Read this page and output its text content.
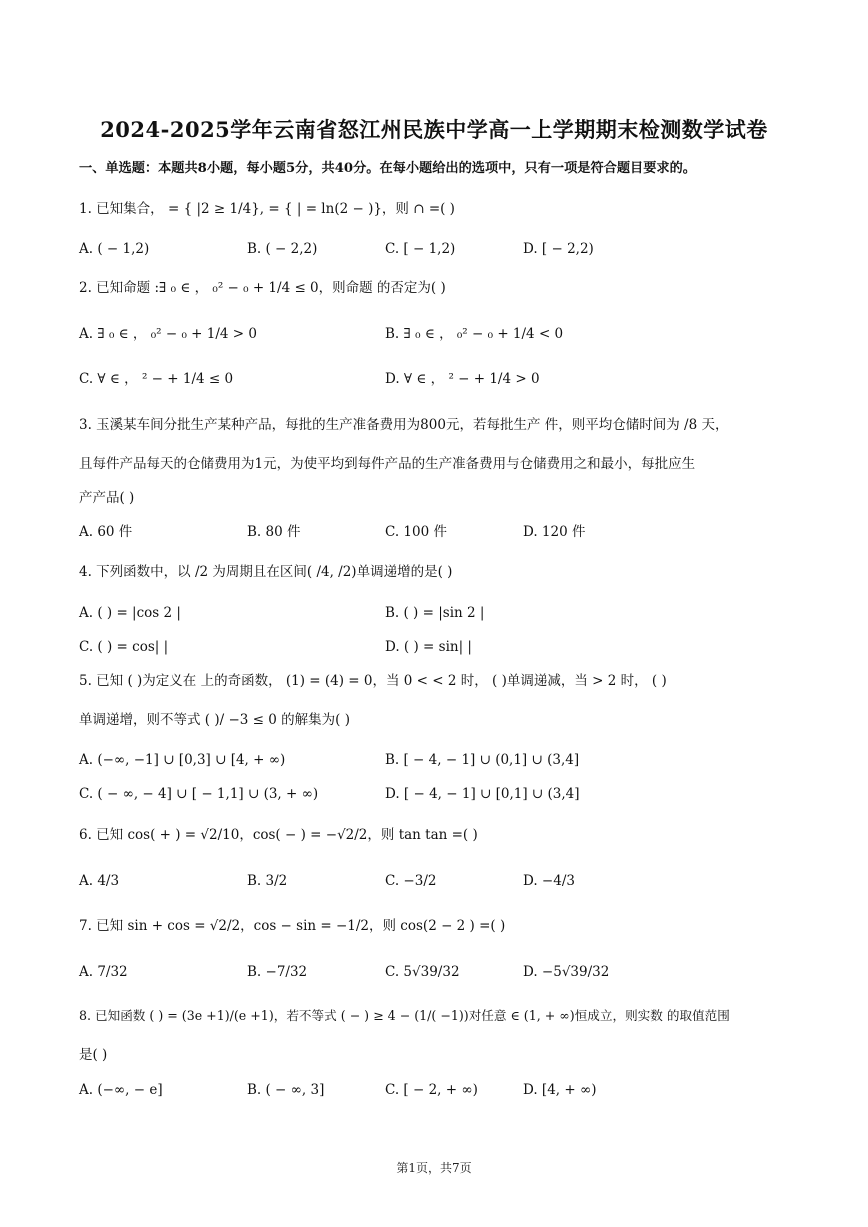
2024-2025学年云南省怒江州民族中学高一上学期期末检测数学试卷
一、单选题：本题共8小题，每小题5分，共40分。在每小题给出的选项中，只有一项是符合题目要求的。
1. 已知集合， = { |2 ≥ 1/4}, = { | = ln(2 − )}，则 ∩ =( )
A. ( − 1,2)	B. ( − 2,2)	C. [ − 1,2)	D. [ − 2,2)
2. 已知命题 :∃ ₀ ∈ ， ₀² − ₀ + 1/4 ≤ 0，则命题 的否定为( )
A. ∃ ₀ ∈ ， ₀² − ₀ + 1/4 > 0	B. ∃ ₀ ∈ ， ₀² − ₀ + 1/4 < 0
C. ∀ ∈ ， ² − + 1/4 ≤ 0	D. ∀ ∈ ， ² − + 1/4 > 0
3. 玉溪某车间分批生产某种产品，每批的生产准备费用为800元，若每批生产 件，则平均仓储时间为 /8 天，
且每件产品每天的仓储费用为1元，为使平均到每件产品的生产准备费用与仓储费用之和最小，每批应生
产产品( )
A. 60 件	B. 80 件	C. 100 件	D. 120 件
4. 下列函数中，以 /2 为周期且在区间( /4, /2)单调递增的是( )
A. ( ) = |cos 2 |	B. ( ) = |sin 2 |
C. ( ) = cos| |	D. ( ) = sin| |
5. 已知 ( )为定义在 上的奇函数， (1) = (4) = 0，当 0 < < 2 时， ( )单调递减，当 > 2 时， ( )
单调递增，则不等式 ( )/ −3 ≤ 0 的解集为( )
A. (−∞, −1] ∪ [0,3] ∪ [4, + ∞)	B. [ − 4, − 1] ∪ (0,1] ∪ (3,4]
C. ( − ∞, − 4] ∪ [ − 1,1] ∪ (3, + ∞)	D. [ − 4, − 1] ∪ [0,1] ∪ (3,4]
6. 已知 cos( + ) = √2/10，cos( − ) = −√2/2，则 tan tan =( )
A. 4/3	B. 3/2	C. −3/2	D. −4/3
7. 已知 sin + cos = √2/2，cos − sin = −1/2，则 cos(2 − 2 ) =( )
A. 7/32	B. −7/32	C. 5√39/32	D. −5√39/32
8. 已知函数 ( ) = (3e +1)/(e +1)，若不等式 ( − ) ≥ 4 − (1/( −1))对任意 ∈ (1, + ∞)恒成立，则实数 的取值范围
是( )
A. (−∞, − e]	B. ( − ∞, 3]	C. [ − 2, + ∞)	D. [4, + ∞)
第1页，共7页
